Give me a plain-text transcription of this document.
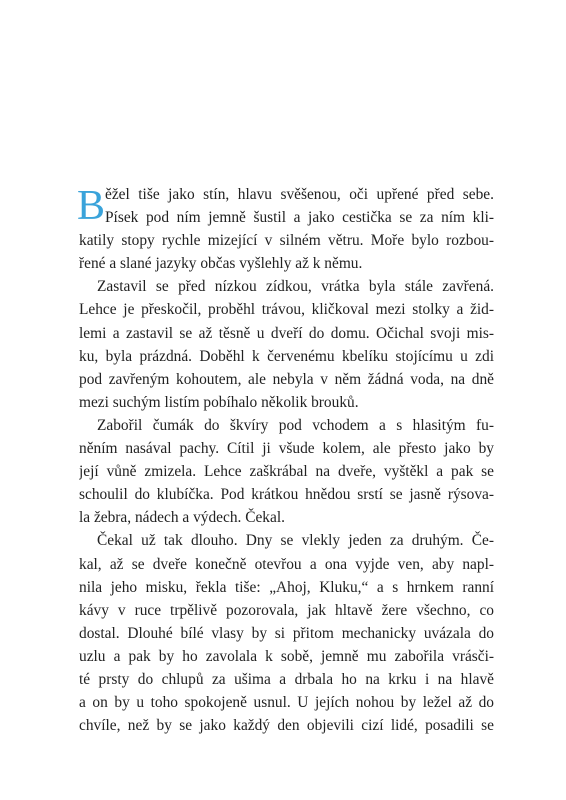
B ěžel tiše jako stín, hlavu svěšenou, oči upřené před sebe.
Písek pod ním jemně šustil a jako cestička se za ním kli-
katily stopy rychle mizející v silném větru. Moře bylo rozbou-
řené a slané jazyky občas vyšlehly až k němu.
Zastavil se před nízkou zídkou, vrátka byla stále zavřená.
Lehce je přeskočil, proběhl trávou, kličkoval mezi stolky a žid-
lemi a zastavil se až těsně u dveří do domu. Očichal svoji mis-
ku, byla prázdná. Doběhl k červenému kbelíku stojícímu u zdi
pod zavřeným kohoutem, ale nebyla v něm žádná voda, na dně
mezi suchým listím pobíhalo několik brouků.
Zabořil čumák do škvíry pod vchodem a s hlasitým fu-
něním nasával pachy. Cítil ji všude kolem, ale přesto jako by
její vůně zmizela. Lehce zaškrábal na dveře, vyštěkl a pak se
schoulil do klubíčka. Pod krátkou hnědou srstí se jasně rýsova-
la žebra, nádech a výdech. Čekal.
Čekal už tak dlouho. Dny se vlekly jeden za druhým. Če-
kal, až se dveře konečně otevřou a ona vyjde ven, aby napl-
nila jeho misku, řekla tiše: „Ahoj, Kluku,“ a s hrnkem ranní
kávy v ruce trpělivě pozorovala, jak hltavě žere všechno, co
dostal. Dlouhé bílé vlasy by si přitom mechanicky uvázala do
uzlu a pak by ho zavolala k sobě, jemně mu zabořila vrásči-
té prsty do chlupů za ušima a drbala ho na krku i na hlavě
a on by u toho spokojeně usnul. U jejích nohou by ležel až do
chvíle, než by se jako každý den objevili cizí lidé, posadili se
